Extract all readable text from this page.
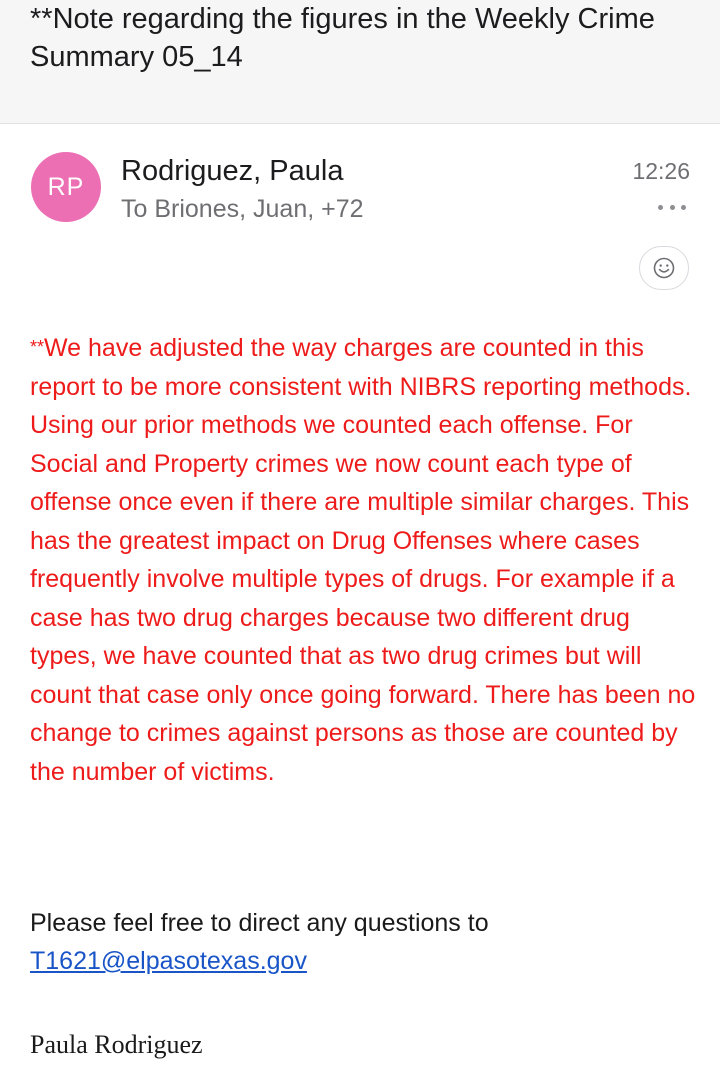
**Note regarding the figures in the Weekly Crime Summary 05_14
RP	Rodriguez, Paula
To Briones, Juan, +72
12:26

**We have adjusted the way charges are counted in this report to be more consistent with NIBRS reporting methods. Using our prior methods we counted each offense. For Social and Property crimes we now count each type of offense once even if there are multiple similar charges. This has the greatest impact on Drug Offenses where cases frequently involve multiple types of drugs. For example if a case has two drug charges because two different drug types, we have counted that as two drug crimes but will count that case only once going forward. There has been no change to crimes against persons as those are counted by the number of victims.

Please feel free to direct any questions to

T1621@elpasotexas.gov
Paula Rodriguez
